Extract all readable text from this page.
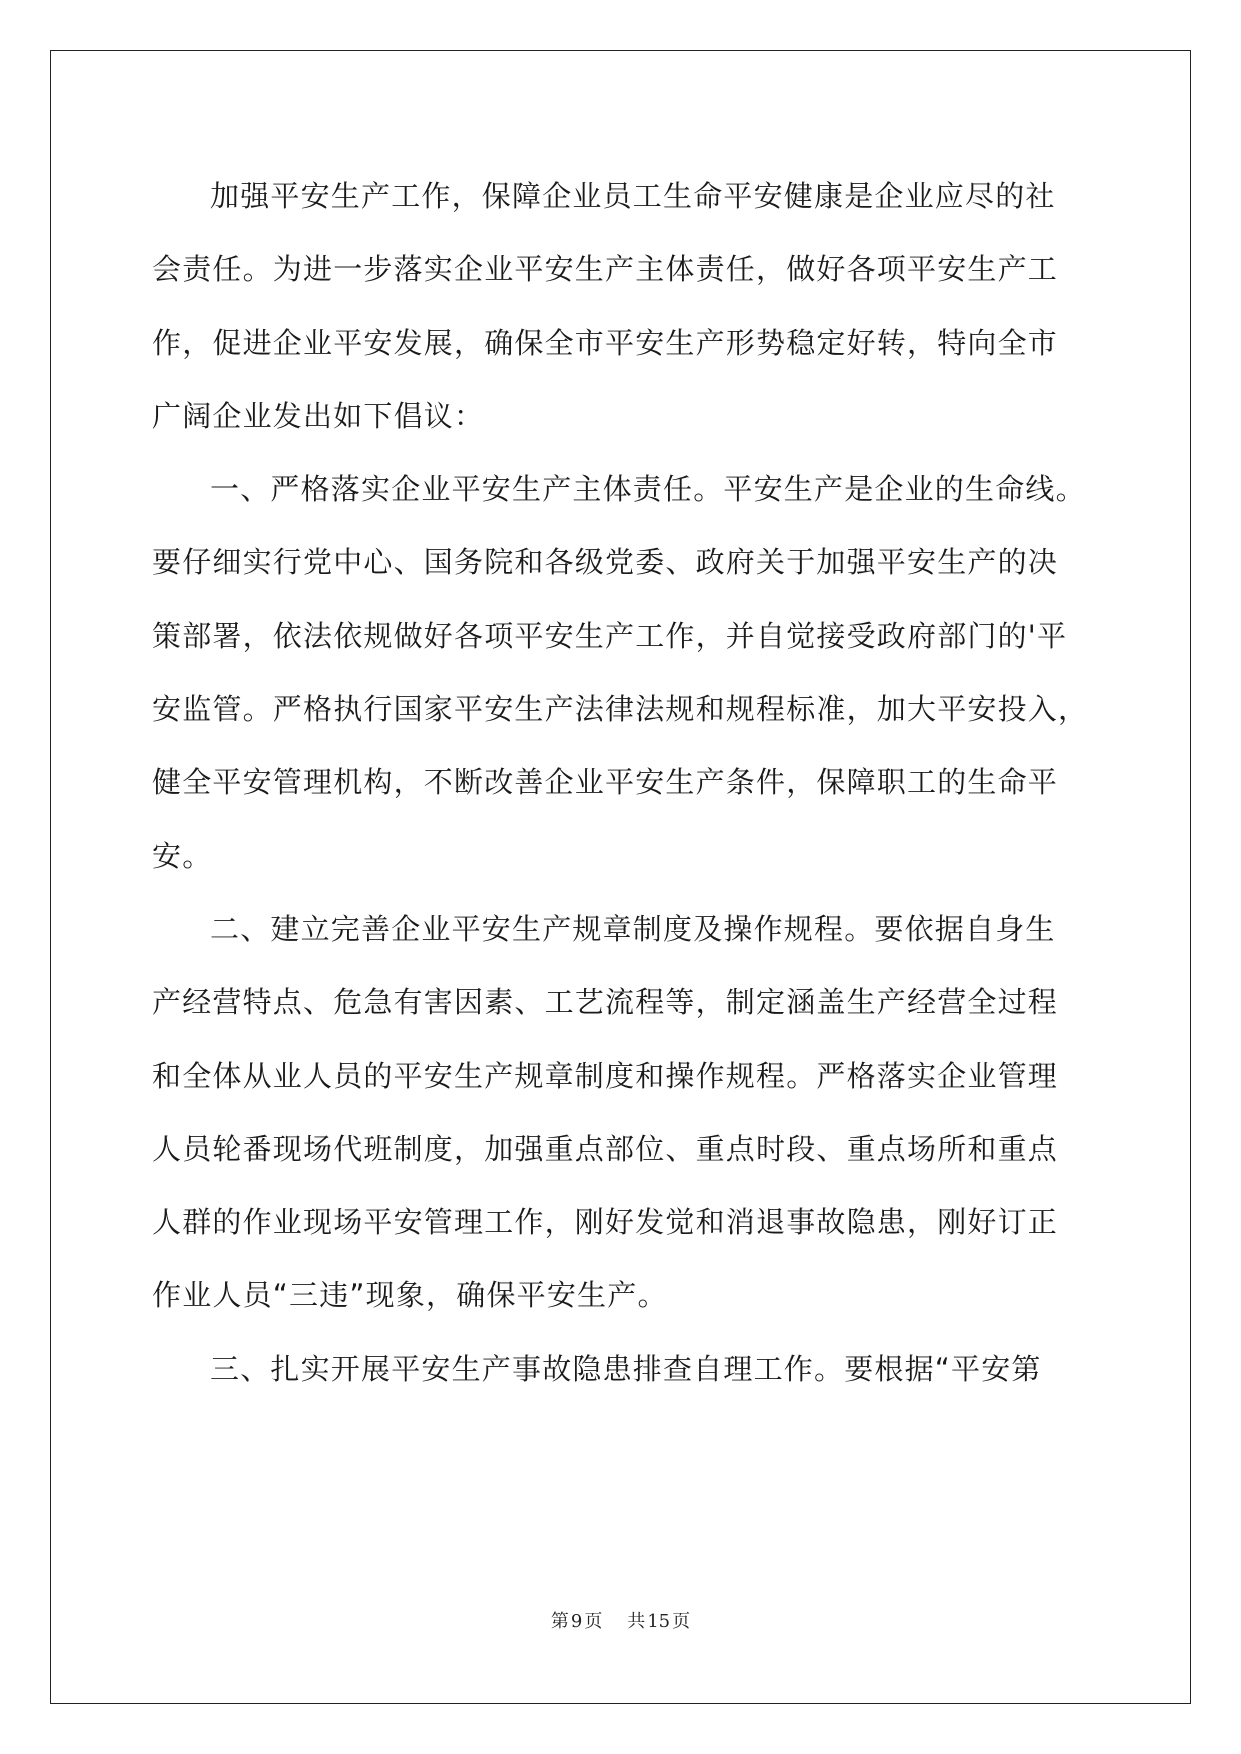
加强平安生产工作，保障企业员工生命平安健康是企业应尽的社
会责任。为进一步落实企业平安生产主体责任，做好各项平安生产工
作，促进企业平安发展，确保全市平安生产形势稳定好转，特向全市
广阔企业发出如下倡议：
一、严格落实企业平安生产主体责任。平安生产是企业的生命线。
要仔细实行党中心、国务院和各级党委、政府关于加强平安生产的决
策部署，依法依规做好各项平安生产工作，并自觉接受政府部门的'平
安监管。严格执行国家平安生产法律法规和规程标准，加大平安投入，
健全平安管理机构，不断改善企业平安生产条件，保障职工的生命平
安。
二、建立完善企业平安生产规章制度及操作规程。要依据自身生
产经营特点、危急有害因素、工艺流程等，制定涵盖生产经营全过程
和全体从业人员的平安生产规章制度和操作规程。严格落实企业管理
人员轮番现场代班制度，加强重点部位、重点时段、重点场所和重点
人群的作业现场平安管理工作，刚好发觉和消退事故隐患，刚好订正
作业人员“三违”现象，确保平安生产。
三、扎实开展平安生产事故隐患排查自理工作。要根据“平安第
第 9 页 共 15 页
